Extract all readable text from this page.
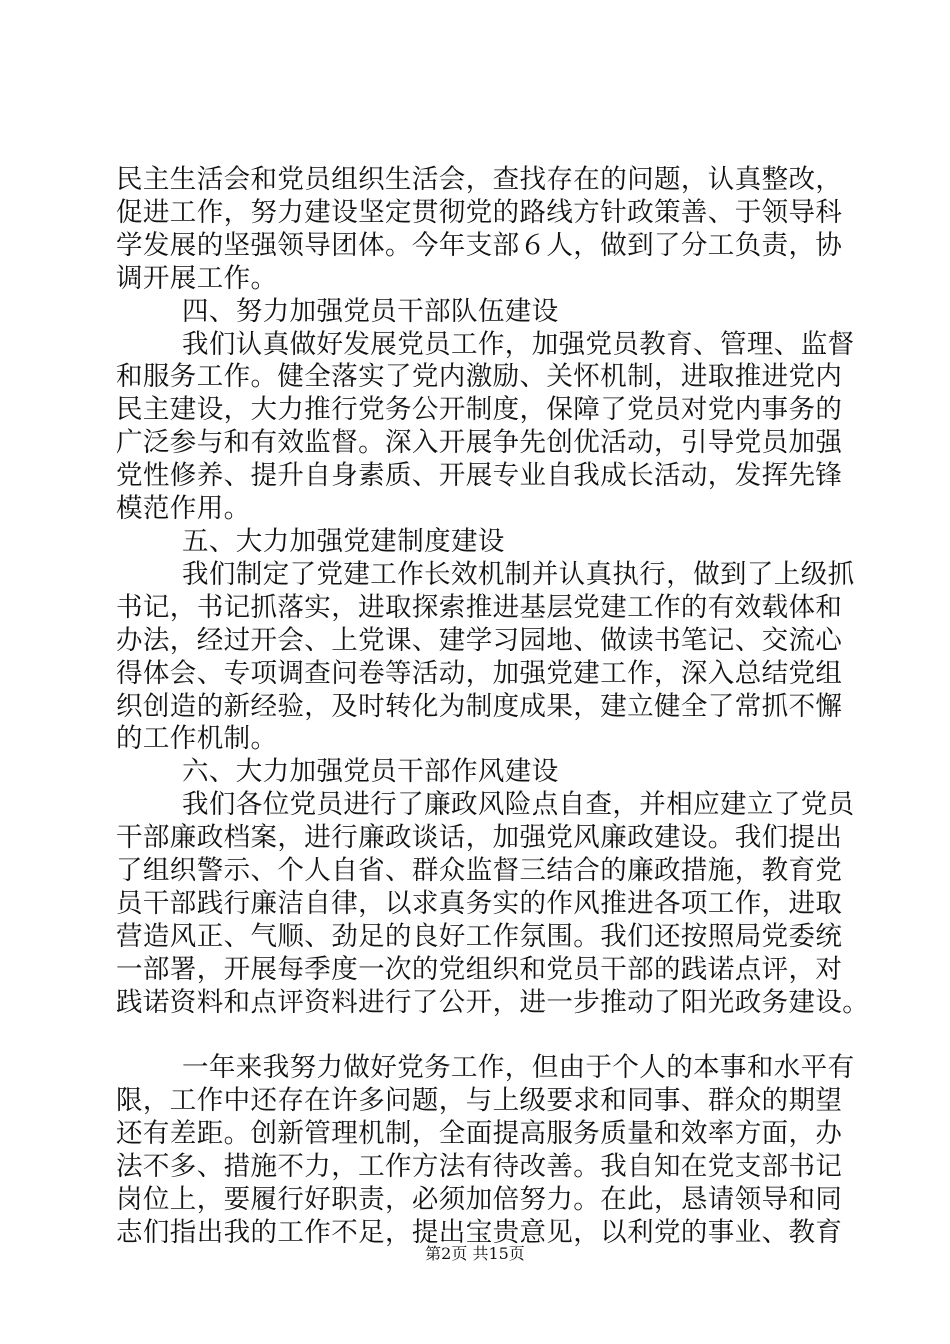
民主生活会和党员组织生活会，查找存在的问题，认真整改，
促进工作，努力建设坚定贯彻党的路线方针政策善、于领导科
学发展的坚强领导团体。今年支部６人，做到了分工负责，协
调开展工作。
四、努力加强党员干部队伍建设
我们认真做好发展党员工作，加强党员教育、管理、监督
和服务工作。健全落实了党内激励、关怀机制，进取推进党内
民主建设，大力推行党务公开制度，保障了党员对党内事务的
广泛参与和有效监督。深入开展争先创优活动，引导党员加强
党性修养、提升自身素质、开展专业自我成长活动，发挥先锋
模范作用。
五、大力加强党建制度建设
我们制定了党建工作长效机制并认真执行，做到了上级抓
书记，书记抓落实，进取探索推进基层党建工作的有效载体和
办法，经过开会、上党课、建学习园地、做读书笔记、交流心
得体会、专项调查问卷等活动，加强党建工作，深入总结党组
织创造的新经验，及时转化为制度成果，建立健全了常抓不懈
的工作机制。
六、大力加强党员干部作风建设
我们各位党员进行了廉政风险点自查，并相应建立了党员
干部廉政档案，进行廉政谈话，加强党风廉政建设。我们提出
了组织警示、个人自省、群众监督三结合的廉政措施，教育党
员干部践行廉洁自律，以求真务实的作风推进各项工作，进取
营造风正、气顺、劲足的良好工作氛围。我们还按照局党委统
一部署，开展每季度一次的党组织和党员干部的践诺点评，对
践诺资料和点评资料进行了公开，进一步推动了阳光政务建设。
一年来我努力做好党务工作，但由于个人的本事和水平有
限，工作中还存在许多问题，与上级要求和同事、群众的期望
还有差距。创新管理机制，全面提高服务质量和效率方面，办
法不多、措施不力，工作方法有待改善。我自知在党支部书记
岗位上，要履行好职责，必须加倍努力。在此，恳请领导和同
志们指出我的工作不足，提出宝贵意见，以利党的事业、教育
第2页 共15页
